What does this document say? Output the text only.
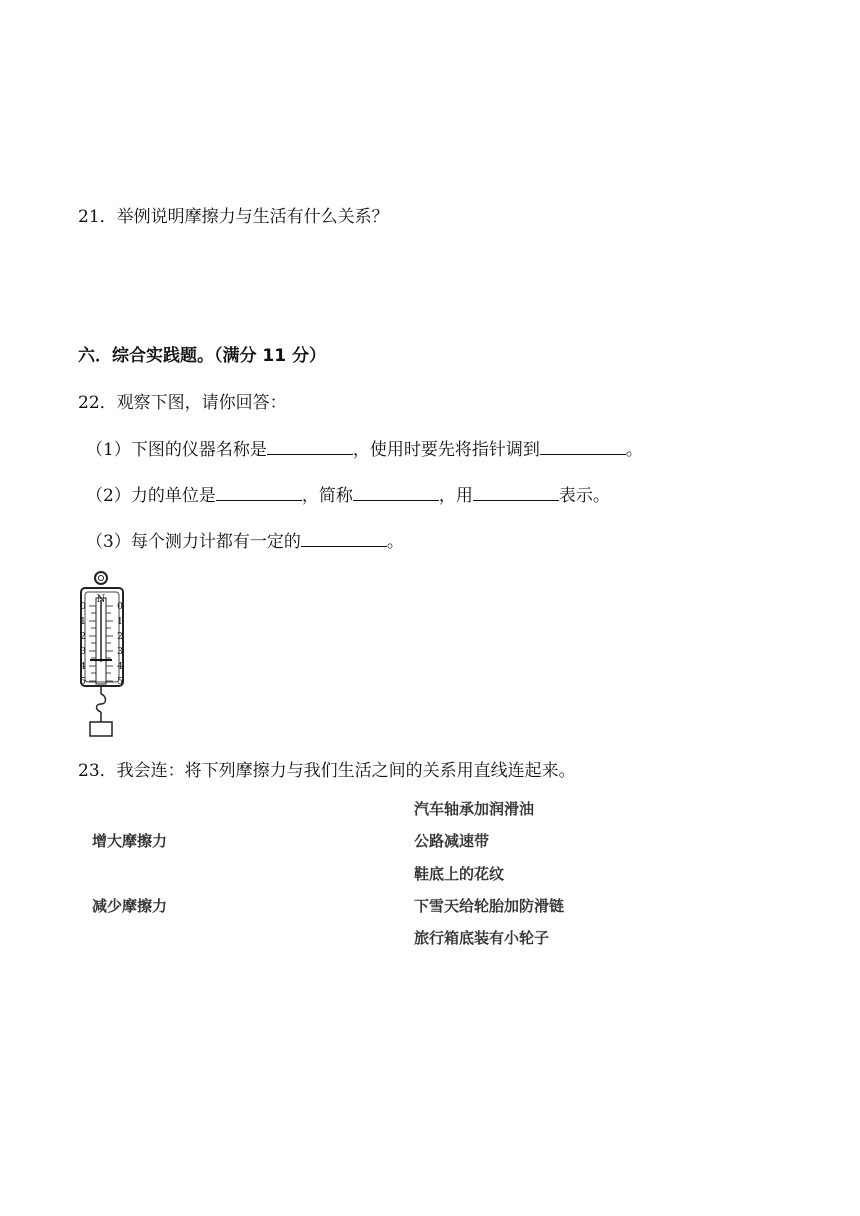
21．举例说明摩擦力与生活有什么关系？
六．综合实践题。（满分 11 分）
22．观察下图，请你回答：
（1）下图的仪器名称是	，使用时要先将指针调到	。
（2）力的单位是	，简称	，用	表示。
（3）每个测力计都有一定的	。
N
0
1
2
3
4
5
0
1
2
3
4
5
23．我会连：将下列摩擦力与我们生活之间的关系用直线连起来。
增大摩擦力
减少摩擦力
汽车轴承加润滑油
公路减速带
鞋底上的花纹
下雪天给轮胎加防滑链
旅行箱底装有小轮子
